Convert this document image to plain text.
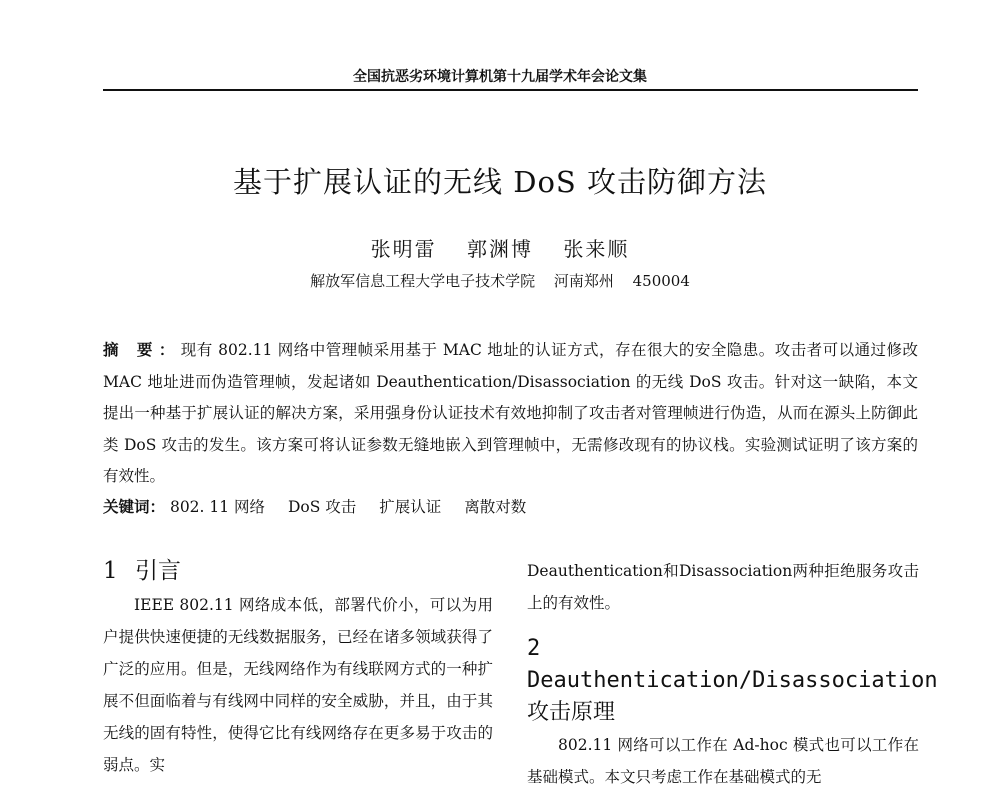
全国抗恶劣环境计算机第十九届学术年会论文集
基于扩展认证的无线 DoS 攻击防御方法
张明雷 郭渊博 张来顺
解放军信息工程大学电子技术学院 河南郑州 450004
摘 要：现有 802.11 网络中管理帧采用基于 MAC 地址的认证方式，存在很大的安全隐患。攻击者可以通过修改 MAC 地址进而伪造管理帧，发起诸如 Deauthentication/Disassociation 的无线 DoS 攻击。针对这一缺陷，本文提出一种基于扩展认证的解决方案，采用强身份认证技术有效地抑制了攻击者对管理帧进行伪造，从而在源头上防御此类 DoS 攻击的发生。该方案可将认证参数无缝地嵌入到管理帧中，无需修改现有的协议栈。实验测试证明了该方案的有效性。
关键词： 802. 11 网络 DoS 攻击 扩展认证 离散对数
1 引言
IEEE 802.11 网络成本低，部署代价小，可以为用户提供快速便捷的无线数据服务，已经在诸多领域获得了广泛的应用。但是，无线网络作为有线联网方式的一种扩展不但面临着与有线网中同样的安全威胁，并且，由于其无线的固有特性，使得它比有线网络存在更多易于攻击的弱点。实
Deauthentication和Disassociation两种拒绝服务攻击上的有效性。
2 Deauthentication/Disassociation 攻击原理
802.11 网络可以工作在 Ad-hoc 模式也可以工作在基础模式。本文只考虑工作在基础模式的无
